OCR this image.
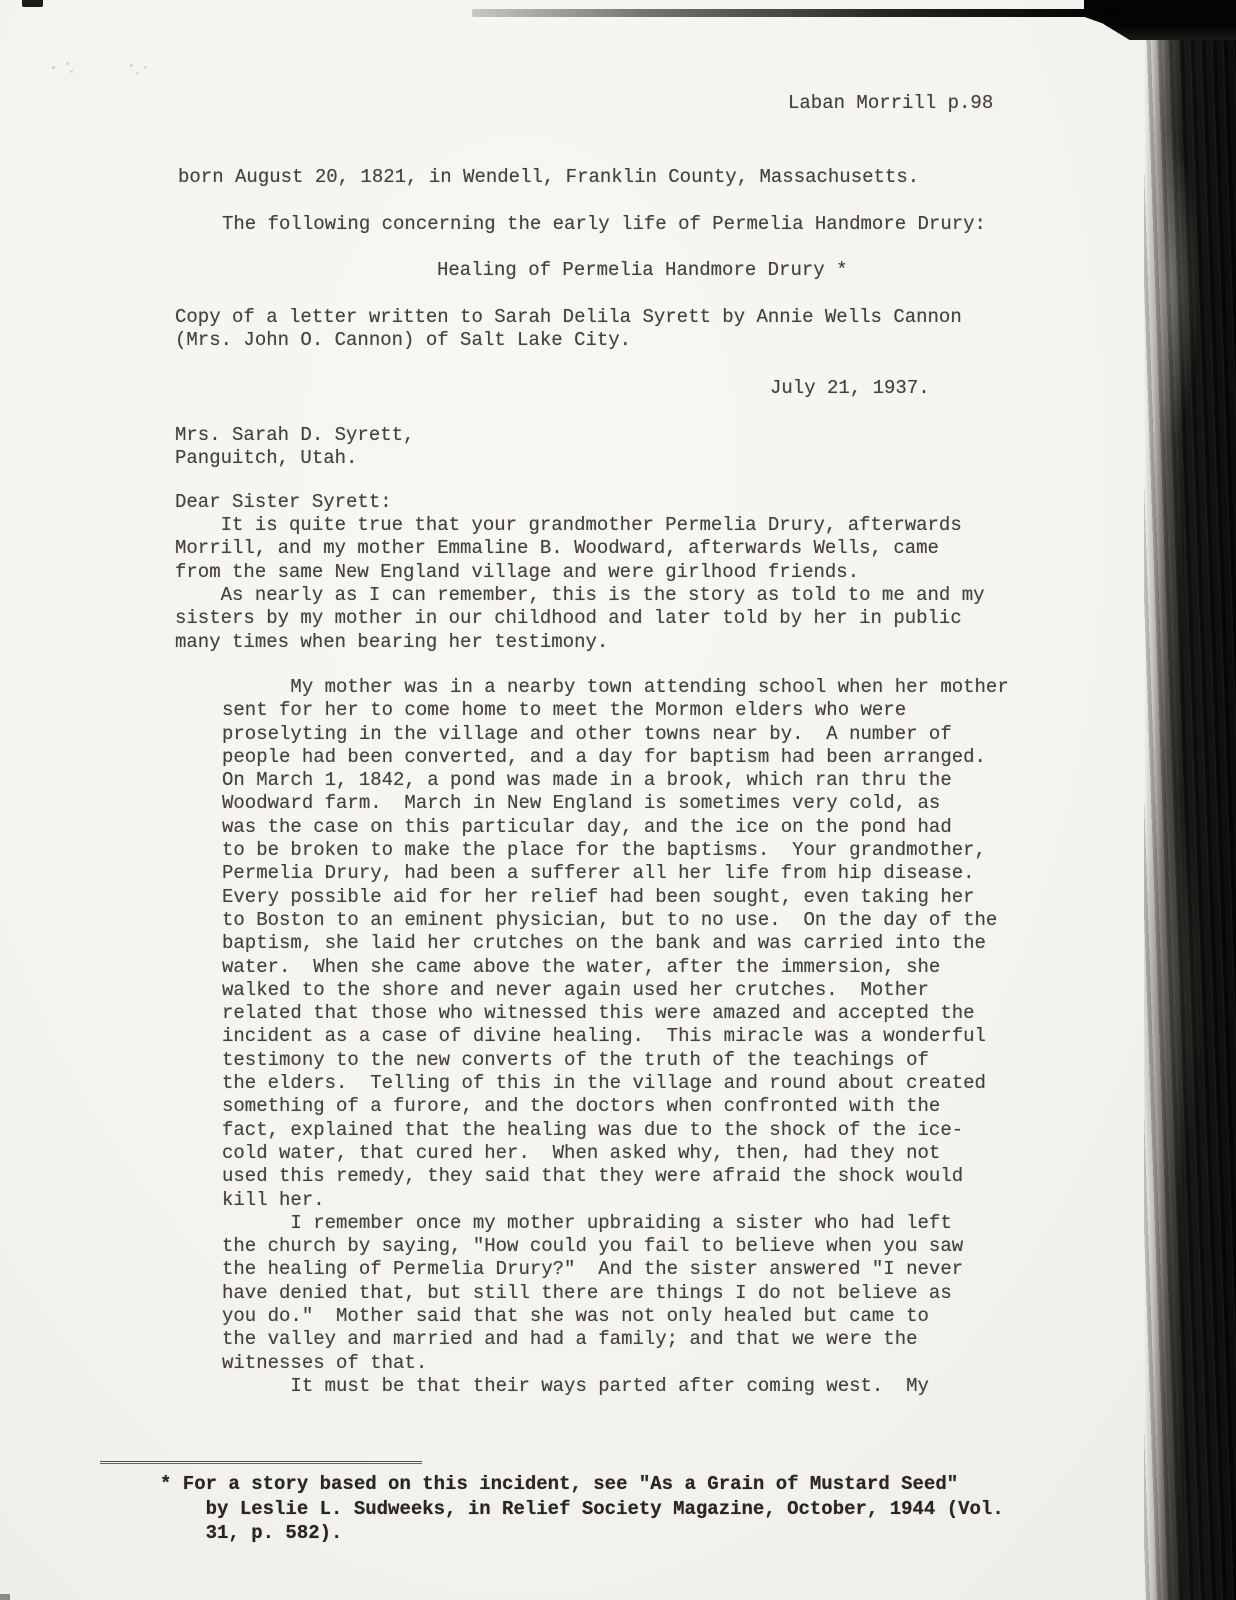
Laban Morrill p.98
born August 20, 1821, in Wendell, Franklin County, Massachusetts.
The following concerning the early life of Permelia Handmore Drury:
Healing of Permelia Handmore Drury *
Copy of a letter written to Sarah Delila Syrett by Annie Wells Cannon
(Mrs. John O. Cannon) of Salt Lake City.
July 21, 1937.
Mrs. Sarah D. Syrett,
Panguitch, Utah.
Dear Sister Syrett:
It is quite true that your grandmother Permelia Drury, afterwards
Morrill, and my mother Emmaline B. Woodward, afterwards Wells, came
from the same New England village and were girlhood friends.
As nearly as I can remember, this is the story as told to me and my
sisters by my mother in our childhood and later told by her in public
many times when bearing her testimony.
My mother was in a nearby town attending school when her mother
sent for her to come home to meet the Mormon elders who were
proselyting in the village and other towns near by.  A number of
people had been converted, and a day for baptism had been arranged.
On March 1, 1842, a pond was made in a brook, which ran thru the
Woodward farm.  March in New England is sometimes very cold, as
was the case on this particular day, and the ice on the pond had
to be broken to make the place for the baptisms.  Your grandmother,
Permelia Drury, had been a sufferer all her life from hip disease.
Every possible aid for her relief had been sought, even taking her
to Boston to an eminent physician, but to no use.  On the day of the
baptism, she laid her crutches on the bank and was carried into the
water.  When she came above the water, after the immersion, she
walked to the shore and never again used her crutches.  Mother
related that those who witnessed this were amazed and accepted the
incident as a case of divine healing.  This miracle was a wonderful
testimony to the new converts of the truth of the teachings of
the elders.  Telling of this in the village and round about created
something of a furore, and the doctors when confronted with the
fact, explained that the healing was due to the shock of the ice-
cold water, that cured her.  When asked why, then, had they not
used this remedy, they said that they were afraid the shock would
kill her.
I remember once my mother upbraiding a sister who had left
the church by saying, "How could you fail to believe when you saw
the healing of Permelia Drury?"  And the sister answered "I never
have denied that, but still there are things I do not believe as
you do."  Mother said that she was not only healed but came to
the valley and married and had a family; and that we were the
witnesses of that.
It must be that their ways parted after coming west.  My
* For a story based on this incident, see "As a Grain of Mustard Seed"
by Leslie L. Sudweeks, in Relief Society Magazine, October, 1944 (Vol.
31, p. 582).
